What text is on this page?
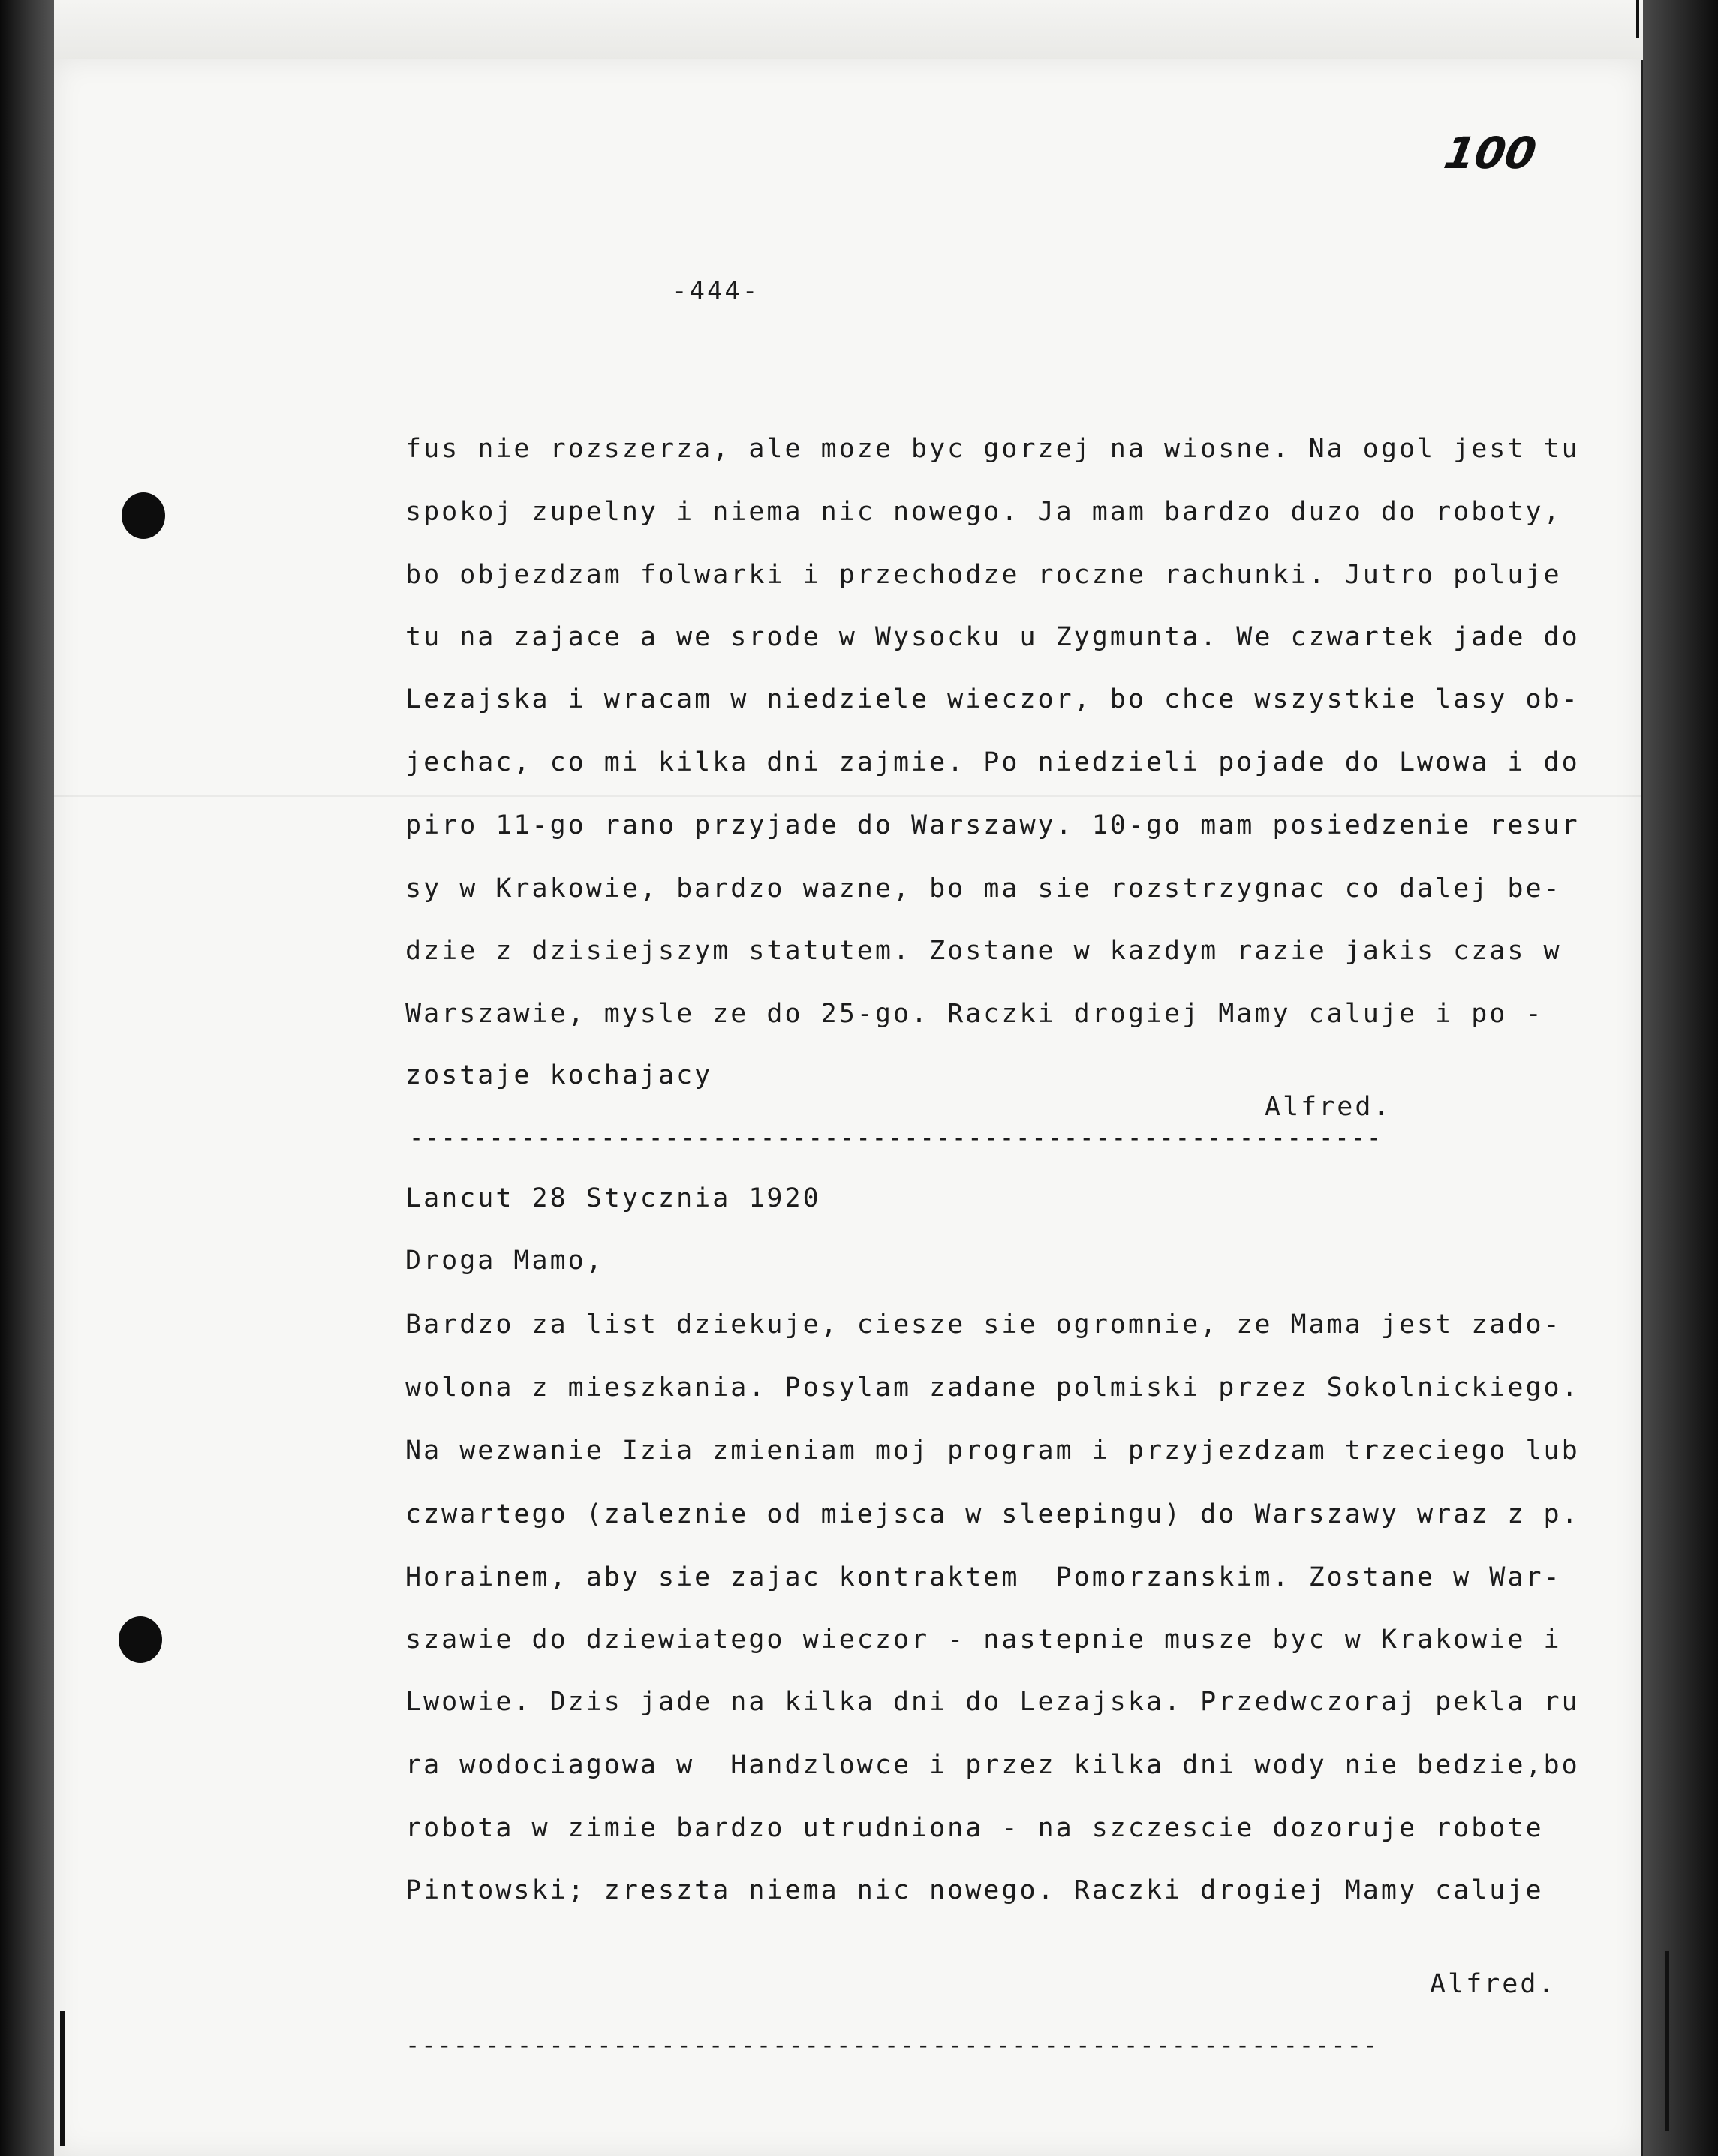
100
-444-
fus nie rozszerza, ale moze byc gorzej na wiosne. Na ogol jest tu
spokoj zupelny i niema nic nowego. Ja mam bardzo duzo do roboty,
bo objezdzam folwarki i przechodze roczne rachunki. Jutro poluje
tu na zajace a we srode w Wysocku u Zygmunta. We czwartek jade do
Lezajska i wracam w niedziele wieczor, bo chce wszystkie lasy ob-
jechac, co mi kilka dni zajmie. Po niedzieli pojade do Lwowa i do
piro 11-go rano przyjade do Warszawy. 10-go mam posiedzenie resur
sy w Krakowie, bardzo wazne, bo ma sie rozstrzygnac co dalej be-
dzie z dzisiejszym statutem. Zostane w kazdym razie jakis czas w
Warszawie, mysle ze do 25-go. Raczki drogiej Mamy caluje i po -
zostaje kochajacy
Alfred.
-------------------------------------------------------------
Lancut 28 Stycznia 1920
Droga Mamo,
Bardzo za list dziekuje, ciesze sie ogromnie, ze Mama jest zado-
wolona z mieszkania. Posylam zadane polmiski przez Sokolnickiego.
Na wezwanie Izia zmieniam moj program i przyjezdzam trzeciego lub
czwartego (zaleznie od miejsca w sleepingu) do Warszawy wraz z p.
Horainem, aby sie zajac kontraktem  Pomorzanskim. Zostane w War-
szawie do dziewiatego wieczor - nastepnie musze byc w Krakowie i
Lwowie. Dzis jade na kilka dni do Lezajska. Przedwczoraj pekla ru
ra wodociagowa w  Handzlowce i przez kilka dni wody nie bedzie,bo
robota w zimie bardzo utrudniona - na szczescie dozoruje robote
Pintowski; zreszta niema nic nowego. Raczki drogiej Mamy caluje
Alfred.
-------------------------------------------------------------
